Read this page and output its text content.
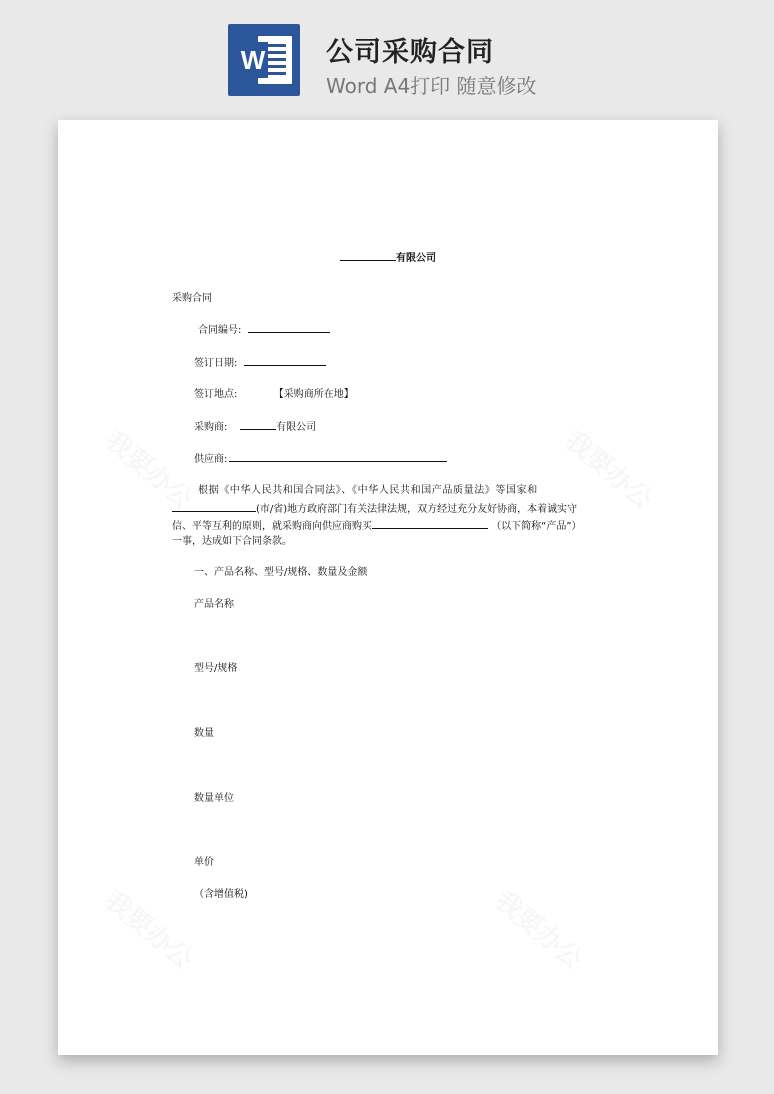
W 公司采购合同
Word A4打印 随意修改
有限公司
采购合同
合同编号:
签订日期:
签订地点:	【采购商所在地】
采购商:	有限公司
供应商:
根据《中华人民共和国合同法》、《中华人民共和国产品质量法》等国家和
(市/省)地方政府部门有关法律法规，双方经过充分友好协商，本着诚实守
信、平等互利的原则，就采购商向供应商购买	（以下简称“产品”）
一事，达成如下合同条款。
一、产品名称、型号/规格、数量及金额
产品名称
型号/规格
数量
数量单位
单价
（含增值税)
